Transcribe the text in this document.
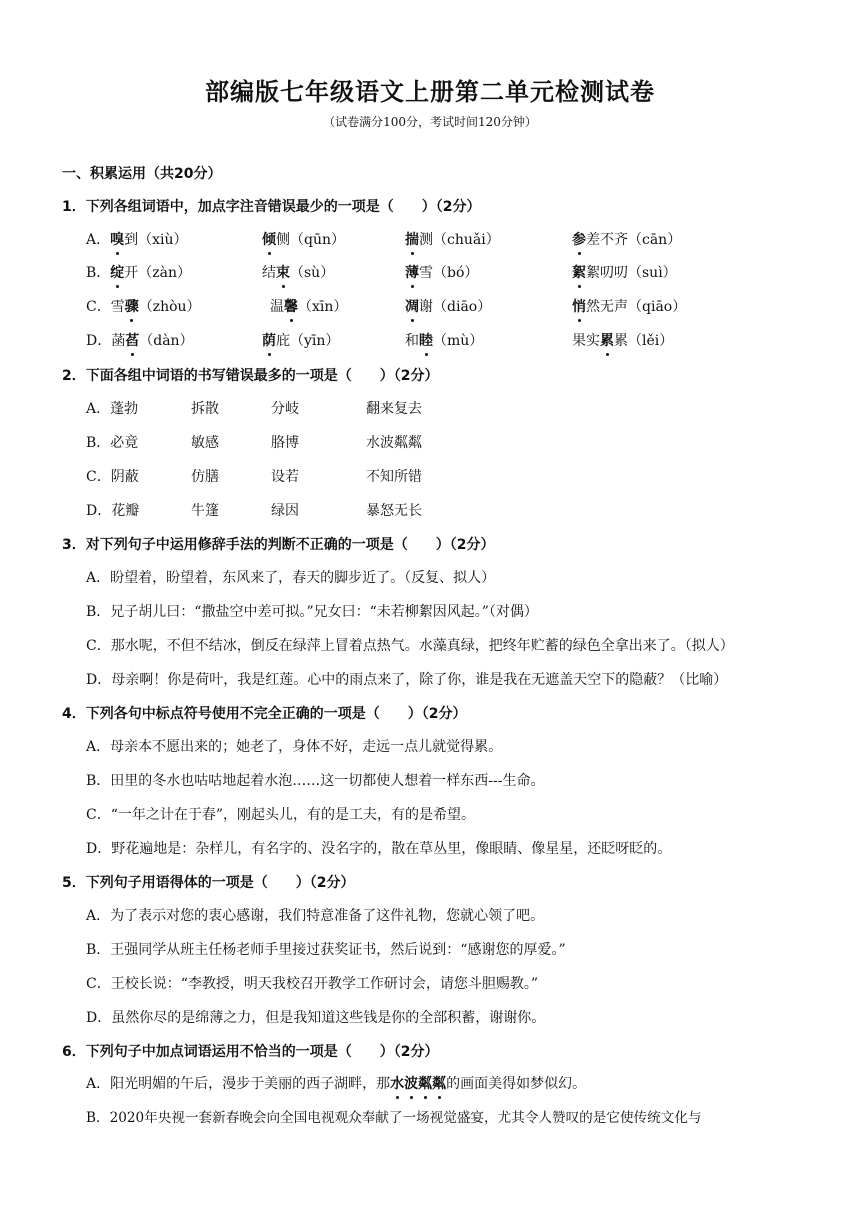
部编版七年级语文上册第二单元检测试卷
（试卷满分100分，考试时间120分钟）
一、积累运用（共20分）
1．下列各组词语中，加点字注音错误最少的一项是（　　）（2分）
A．嗅到（xiù）	倾侧（qūn）	揣测（chuǎi）	参差不齐（cān）
B．绽开（zàn）	结束（sù）	薄雪（bó）	絮絮叨叨（suì）
C．雪骤（zhòu）	温馨（xīn）	凋谢（diāo）	悄然无声（qiāo）
D．菡萏（dàn）	荫庇（yīn）	和睦（mù）	果实累累（lěi）
2．下面各组中词语的书写错误最多的一项是（　　）（2分）
A．蓬勃	拆散	分岐	翻来复去
B．必竟	敏感	胳博	水波粼粼
C．阴蔽	仿膳	设若	不知所错
D．花瓣	牛篷	绿因	暴怒无长
3．对下列句子中运用修辞手法的判断不正确的一项是（　　）（2分）
A．盼望着，盼望着，东风来了，春天的脚步近了。（反复、拟人）
B．兄子胡儿曰：“撒盐空中差可拟。”兄女曰：“未若柳絮因风起。”（对偶）
C．那水呢，不但不结冰，倒反在绿萍上冒着点热气。水藻真绿，把终年贮蓄的绿色全拿出来了。（拟人）
D．母亲啊！你是荷叶，我是红莲。心中的雨点来了，除了你，谁是我在无遮盖天空下的隐蔽？（比喻）
4．下列各句中标点符号使用不完全正确的一项是（　　）（2分）
A．母亲本不愿出来的；她老了，身体不好，走远一点儿就觉得累。
B．田里的冬水也咕咕地起着水泡……这一切都使人想着一样东西---生命。
C．“一年之计在于春”，刚起头儿，有的是工夫，有的是希望。
D．野花遍地是：杂样儿，有名字的、没名字的，散在草丛里，像眼睛、像星星，还眨呀眨的。
5．下列句子用语得体的一项是（　　）（2分）
A．为了表示对您的衷心感谢，我们特意准备了这件礼物，您就心领了吧。
B．王强同学从班主任杨老师手里接过获奖证书，然后说到：“感谢您的厚爱。”
C．王校长说：“李教授，明天我校召开教学工作研讨会，请您斗胆赐教。”
D．虽然你尽的是绵薄之力，但是我知道这些钱是你的全部积蓄，谢谢你。
6．下列句子中加点词语运用不恰当的一项是（　　）（2分）
A．阳光明媚的午后，漫步于美丽的西子湖畔，那水波粼粼的画面美得如梦似幻。
B．2020年央视一套新春晚会向全国电视观众奉献了一场视觉盛宴，尤其令人赞叹的是它使传统文化与
